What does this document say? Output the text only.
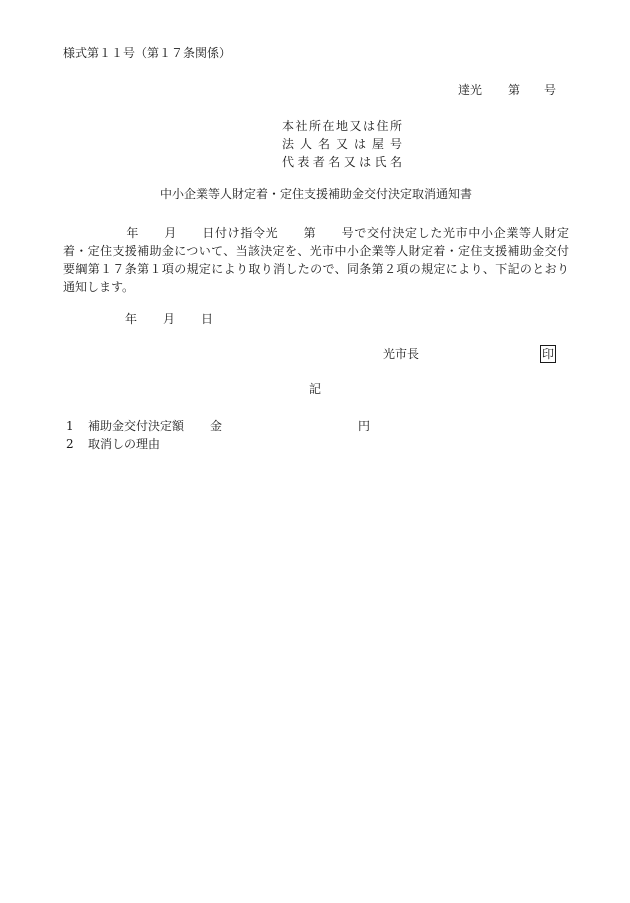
様式第１１号（第１７条関係）
達光 第 号
本社所在地又は住所
法人名又は屋号
代表者名又は氏名
中小企業等人財定着・定住支援補助金交付決定取消通知書
　　　　　年　　月　　日付け指令光　　第　　号で交付決定した光市中小企業等人財定
着・定住支援補助金について、当該決定を、光市中小企業等人財定着・定住支援補助金交付
要綱第１７条第１項の規定により取り消したので、同条第２項の規定により、下記のとおり
通知します。
年 月 日
光市長	印
記
1 補助金交付決定額 金	円
2 取消しの理由
